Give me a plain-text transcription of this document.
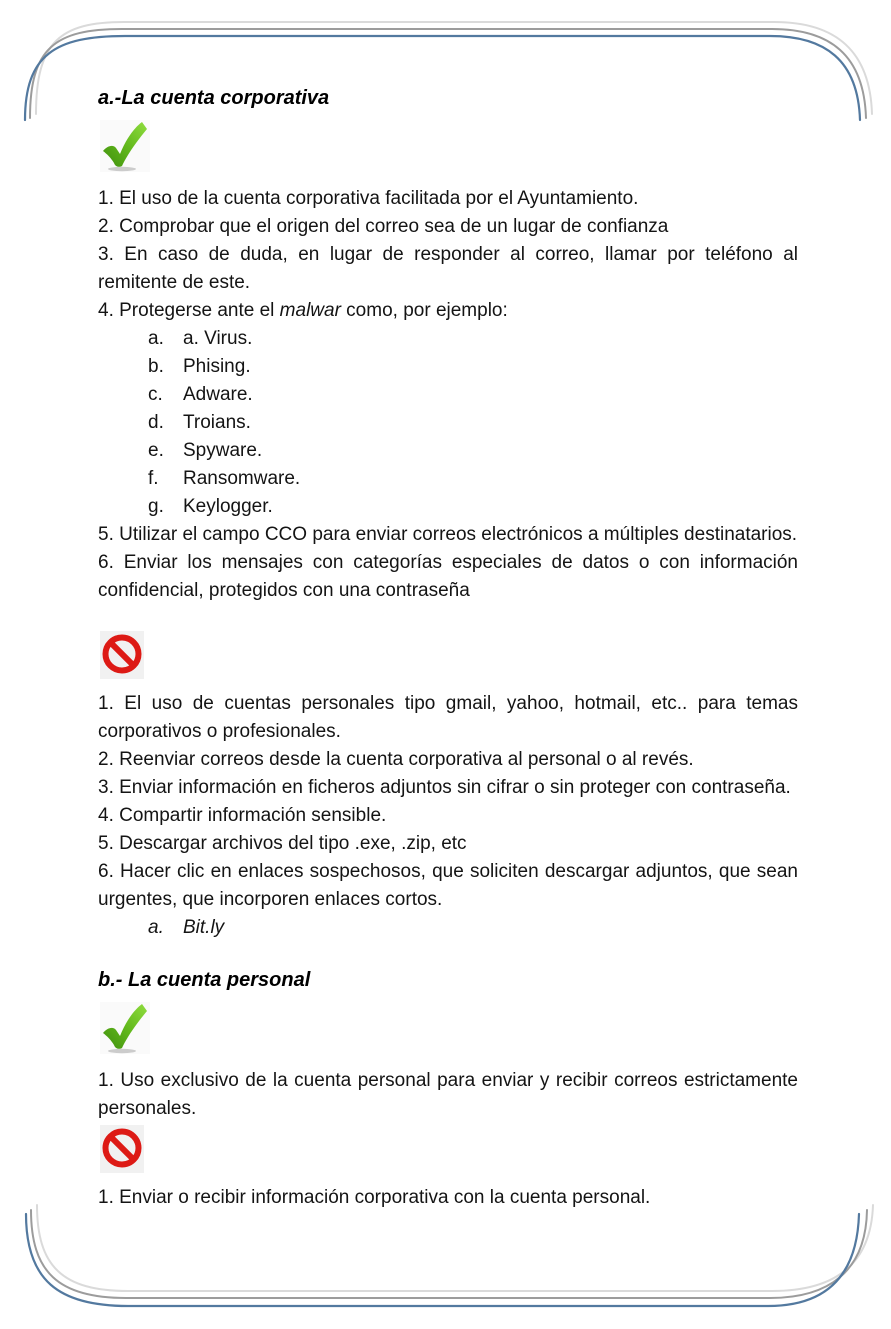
a.-La cuenta corporativa

1. El uso de la cuenta corporativa facilitada por el Ayuntamiento.

2. Comprobar que el origen del correo sea de un lugar de confianza

3. En caso de duda, en lugar de responder al correo, llamar por teléfono al remitente de este.

4. Protegerse ante el malwar como, por ejemplo:

a.	a. Virus.
b.	Phising.
c.	Adware.
d.	Troians.
e.	Spyware.
f.	Ransomware.
g.	Keylogger.

5. Utilizar el campo CCO para enviar correos electrónicos a múltiples destinatarios.

6. Enviar los mensajes con categorías especiales de datos o con información confidencial, protegidos con una contraseña

1. El uso de cuentas personales tipo gmail, yahoo, hotmail, etc.. para temas corporativos o profesionales.

2. Reenviar correos desde la cuenta corporativa al personal o al revés.

3. Enviar información en ficheros adjuntos sin cifrar o sin proteger con contraseña.

4. Compartir información sensible.

5. Descargar archivos del tipo .exe, .zip, etc

6. Hacer clic en enlaces sospechosos, que soliciten descargar adjuntos, que sean urgentes, que incorporen enlaces cortos.

a.	Bit.ly
b.- La cuenta personal

1. Uso exclusivo de la cuenta personal para enviar y recibir correos estrictamente personales.

1. Enviar o recibir información corporativa con la cuenta personal.
